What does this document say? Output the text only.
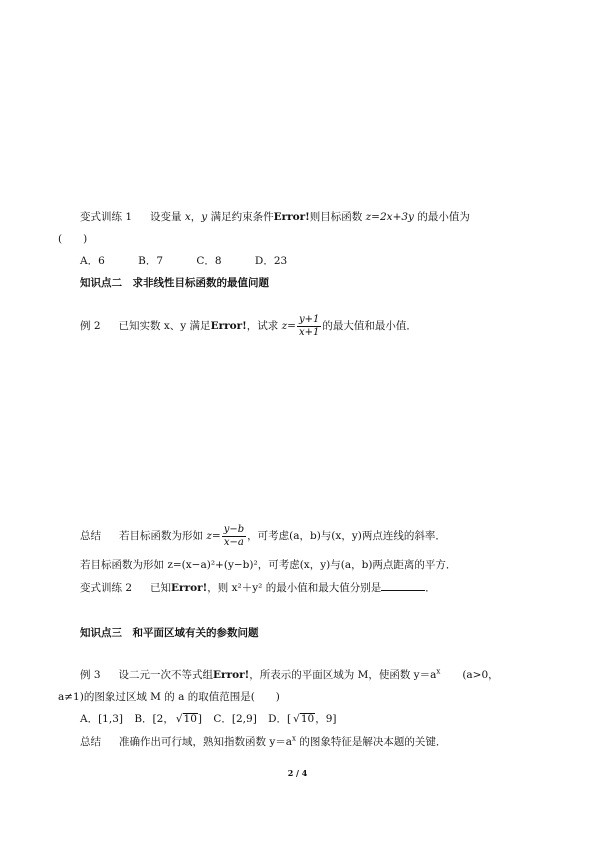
变式训练 1 设变量 x，y 满足约束条件Error!则目标函数 z=2x+3y 的最小值为
(　　)
A．6	B．7	C．8	D．23
知识点二　求非线性目标函数的最值问题
例 2 已知实数 x、y 满足Error!，试求 $z= \frac{y+1}{x+1}$ 的最大值和最小值．
总结 若目标函数为形如 $z= \frac{y-b}{x-a}$ ，可考虑(a，b)与(x，y)两点连线的斜率．
若目标函数为形如 z=(x−a)²+(y−b)²，可考虑(x，y)与(a，b)两点距离的平方．
变式训练 2 已知Error!，则 x²＋y² 的最小值和最大值分别是	．
知识点三　和平面区域有关的参数问题
例 3 设二元一次不等式组Error!，所表示的平面区域为 M，使函数 $y=a^x$ (a>0，
a≠1)的图象过区域 M 的 a 的取值范围是(　　)
A．[1,3] B．[2， √ 10] C．[2,9] D．[ √ 10，9]
总结 准确作出可行域，熟知指数函数 $y=a^x$ 的图象特征是解决本题的关键．
2 / 4
